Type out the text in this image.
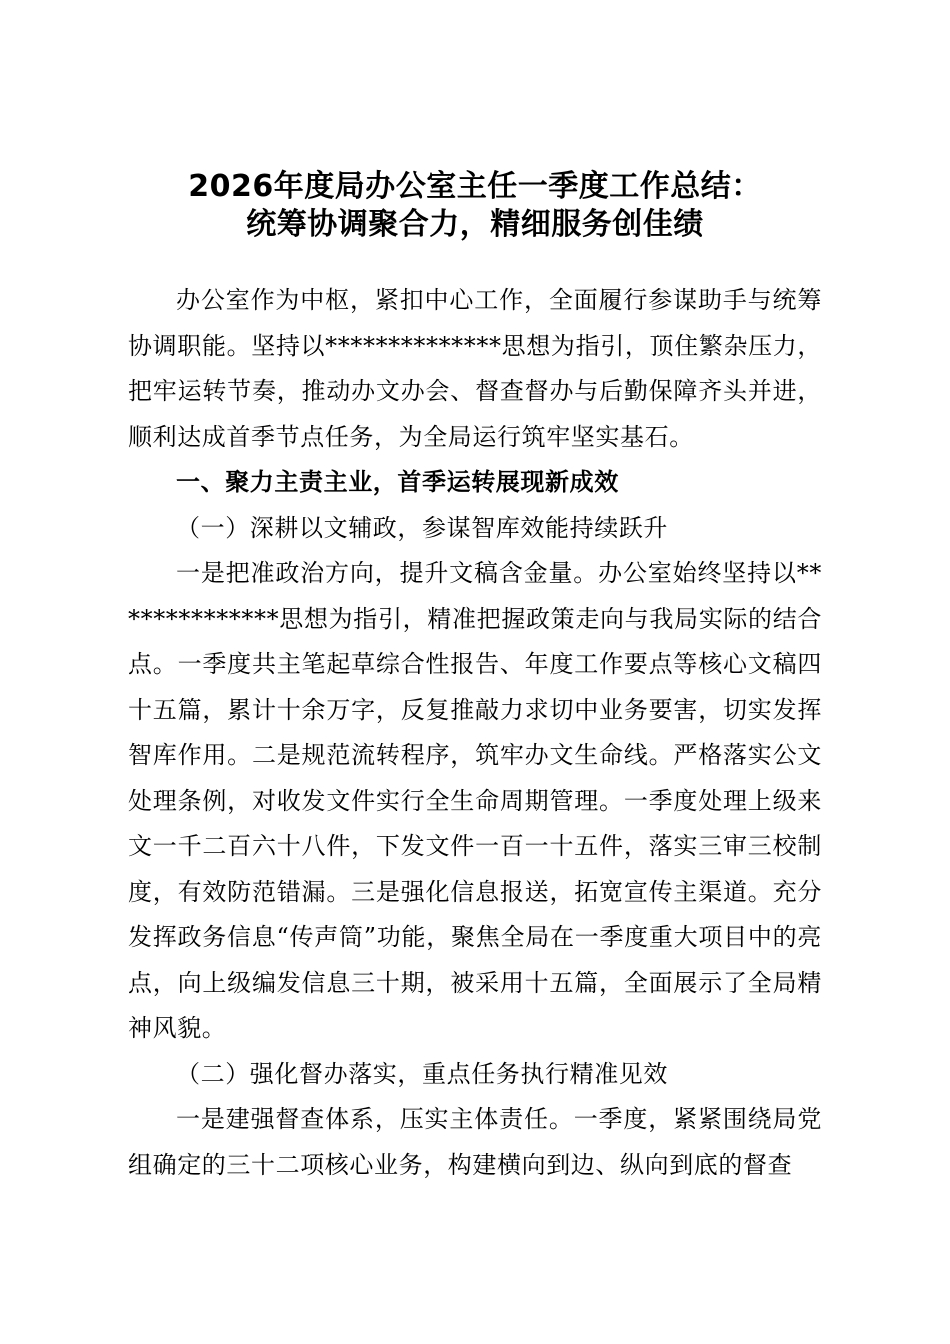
2026年度局办公室主任一季度工作总结：
统筹协调聚合力，精细服务创佳绩

办公室作为中枢，紧扣中心工作，全面履行参谋助手与统筹协调职能。坚持以**************思想为指引，顶住繁杂压力，把牢运转节奏，推动办文办会、督查督办与后勤保障齐头并进，顺利达成首季节点任务，为全局运行筑牢坚实基石。

一、聚力主责主业，首季运转展现新成效

（一）深耕以文辅政，参谋智库效能持续跃升

一是把准政治方向，提升文稿含金量。办公室始终坚持以**************思想为指引，精准把握政策走向与我局实际的结合点。一季度共主笔起草综合性报告、年度工作要点等核心文稿四十五篇，累计十余万字，反复推敲力求切中业务要害，切实发挥智库作用。二是规范流转程序，筑牢办文生命线。严格落实公文处理条例，对收发文件实行全生命周期管理。一季度处理上级来文一千二百六十八件，下发文件一百一十五件，落实三审三校制度，有效防范错漏。三是强化信息报送，拓宽宣传主渠道。充分发挥政务信息“传声筒”功能，聚焦全局在一季度重大项目中的亮点，向上级编发信息三十期，被采用十五篇，全面展示了全局精神风貌。

（二）强化督办落实，重点任务执行精准见效

一是建强督查体系，压实主体责任。一季度，紧紧围绕局党组确定的三十二项核心业务，构建横向到边、纵向到底的督查
